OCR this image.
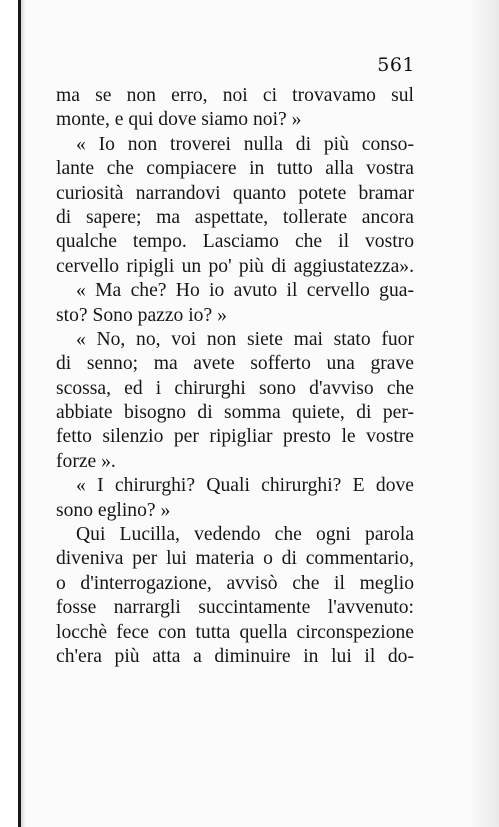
561
ma se non erro, noi ci trovavamo sul
monte, e qui dove siamo noi? »
« Io non troverei nulla di più conso-
lante che compiacere in tutto alla vostra
curiosità narrandovi quanto potete bramar
di sapere; ma aspettate, tollerate ancora
qualche tempo. Lasciamo che il vostro
cervello ripigli un po' più di aggiustatezza».
« Ma che? Ho io avuto il cervello gua-
sto? Sono pazzo io? »
« No, no, voi non siete mai stato fuor
di senno; ma avete sofferto una grave
scossa, ed i chirurghi sono d'avviso che
abbiate bisogno di somma quiete, di per-
fetto silenzio per ripigliar presto le vostre
forze ».
« I chirurghi? Quali chirurghi? E dove
sono eglino? »
Qui Lucilla, vedendo che ogni parola
diveniva per lui materia o di commentario,
o d'interrogazione, avvisò che il meglio
fosse narrargli succintamente l'avvenuto:
locchè fece con tutta quella circonspezione
ch'era più atta a diminuire in lui il do-
